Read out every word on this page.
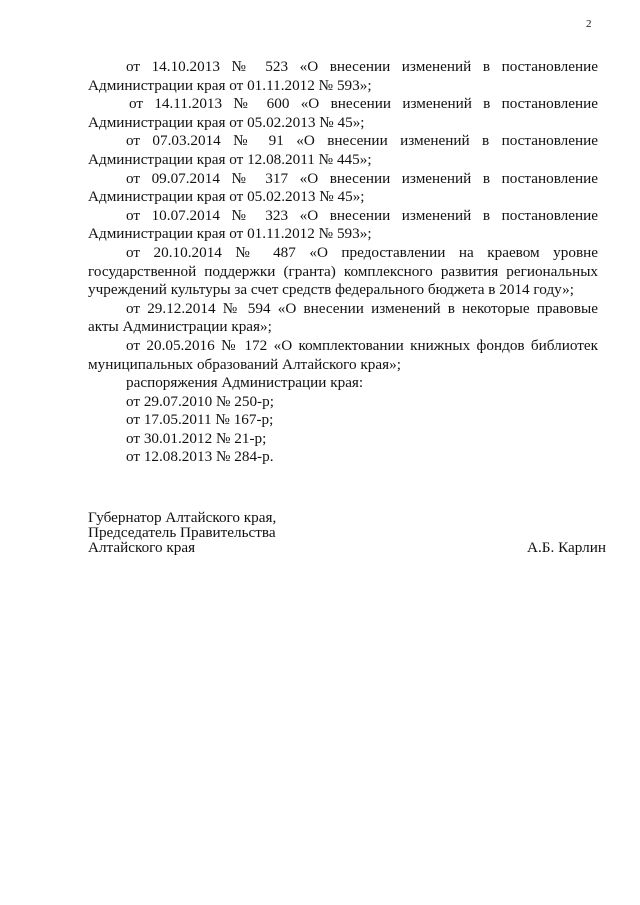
2

от 14.10.2013 № 523 «О внесении изменений в постановление Администрации края от 01.11.2012 № 593»;

от 14.11.2013 № 600 «О внесении изменений в постановление Администрации края от 05.02.2013 № 45»;

от 07.03.2014 № 91 «О внесении изменений в постановление Администрации края от 12.08.2011 № 445»;

от 09.07.2014 № 317 «О внесении изменений в постановление Администрации края от 05.02.2013 № 45»;

от 10.07.2014 № 323 «О внесении изменений в постановление Администрации края от 01.11.2012 № 593»;

от 20.10.2014 № 487 «О предоставлении на краевом уровне государственной поддержки (гранта) комплексного развития региональных учреждений культуры за счет средств федерального бюджета в 2014 году»;

от 29.12.2014 № 594 «О внесении изменений в некоторые правовые акты Администрации края»;

от 20.05.2016 № 172 «О комплектовании книжных фондов библиотек муниципальных образований Алтайского края»;

распоряжения Администрации края:

от 29.07.2010 № 250-р;

от 17.05.2011 № 167-р;

от 30.01.2012 № 21-р;

от 12.08.2013 № 284-р.

Губернатор Алтайского края,

Председатель Правительства

Алтайского края	А.Б. Карлин
